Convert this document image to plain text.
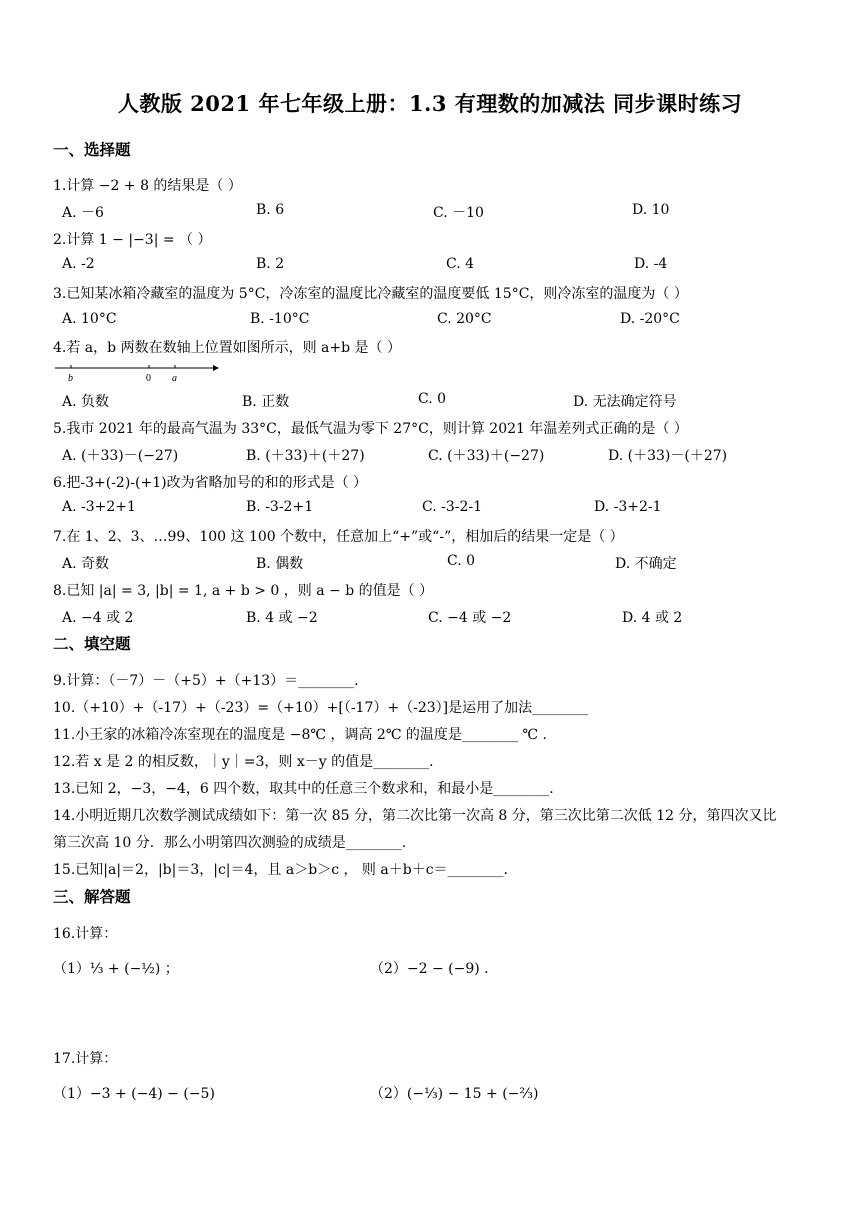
人教版 2021 年七年级上册：1.3 有理数的加减法 同步课时练习
一、选择题
1.计算 −2 + 8 的结果是（ ）
A. －6	B. 6	C. －10	D. 10
2.计算 1 − |−3| = （ ）
A. -2	B. 2	C. 4	D. -4
3.已知某冰箱冷藏室的温度为 5°C，冷冻室的温度比冷藏室的温度要低 15°C，则冷冻室的温度为（ ）
A. 10°C	B. -10°C	C. 20°C	D. -20°C
4.若 a，b 两数在数轴上位置如图所示，则 a+b 是（ ）
b	0 a
A. 负数	B. 正数	C. 0	D. 无法确定符号
5.我市 2021 年的最高气温为 33°C，最低气温为零下 27°C，则计算 2021 年温差列式正确的是（ ）
A. (＋33)－(−27)	B. (＋33)＋(＋27)	C. (＋33)＋(−27)	D. (＋33)－(＋27)
6.把-3+(-2)-(+1)改为省略加号的和的形式是（ ）
A. -3+2+1	B. -3-2+1	C. -3-2-1	D. -3+2-1
7.在 1、2、3、…99、100 这 100 个数中，任意加上“+”或“-”，相加后的结果一定是（ ）
A. 奇数	B. 偶数	C. 0	D. 不确定
8.已知 |a| = 3, |b| = 1, a + b > 0 ，则 a − b 的值是（ ）
A. −4 或 2	B. 4 或 −2	C. −4 或 −2	D. 4 或 2
二、填空题
9.计算：（－7）－（+5）+（+13）＝________.
10.（+10）+（-17）+（-23）=（+10）+[（-17）+（-23）]是运用了加法________
11.小王家的冰箱冷冻室现在的温度是 −8℃ ，调高 2℃ 的温度是________ ℃ .
12.若 x 是 2 的相反数，｜y｜=3，则 x－y 的值是________.
13.已知 2，−3，−4，6 四个数，取其中的任意三个数求和，和最小是________.
14.小明近期几次数学测试成绩如下：第一次 85 分，第二次比第一次高 8 分，第三次比第二次低 12 分，第四次又比
第三次高 10 分．那么小明第四次测验的成绩是________.
15.已知|a|＝2，|b|＝3，|c|＝4，且 a＞b＞c ， 则 a＋b＋c＝________.
三、解答题
16.计算：
（1）⅓ + (−½) ；	（2）−2 − (−9) ．
17.计算：
（1）−3 + (−4) − (−5)	（2）(−⅓) − 15 + (−⅔)
